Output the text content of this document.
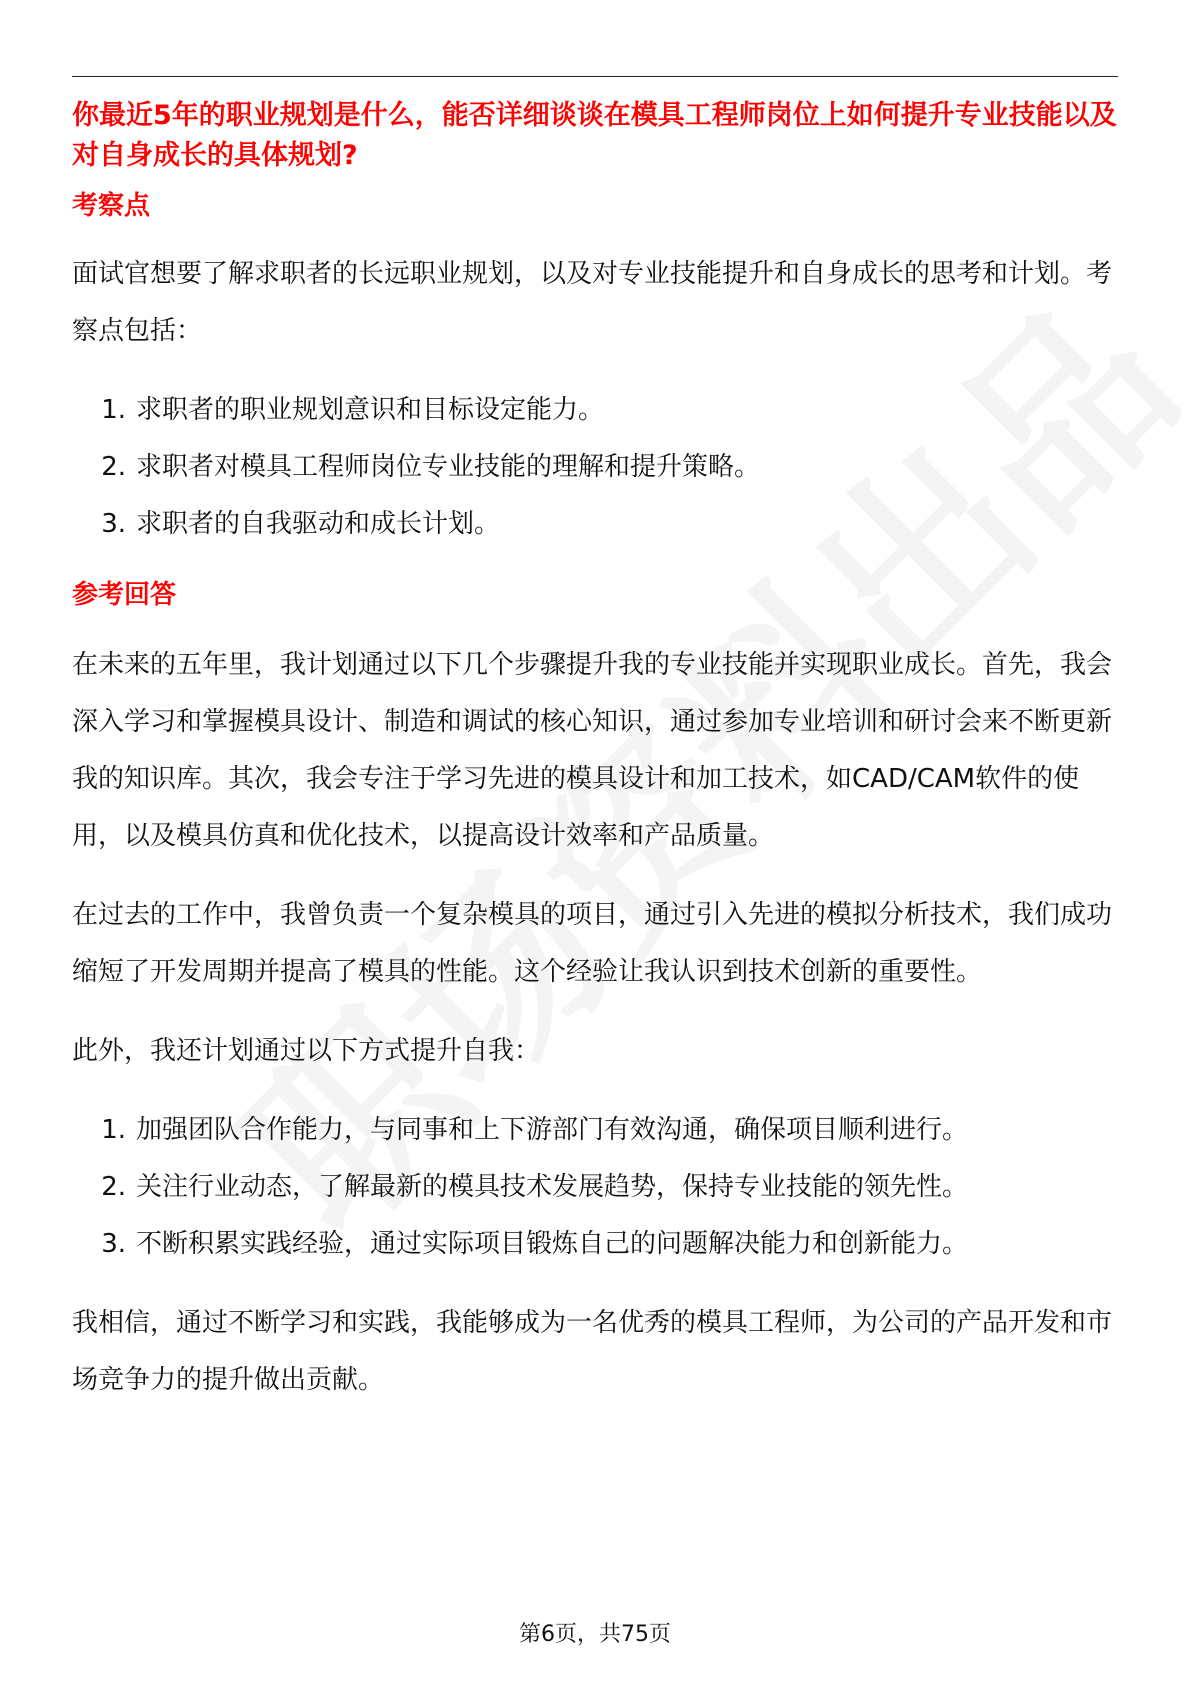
你最近5年的职业规划是什么，能否详细谈谈在模具工程师岗位上如何提升专业技能以及对自身成长的具体规划?

考察点

面试官想要了解求职者的长远职业规划，以及对专业技能提升和自身成长的思考和计划。考察点包括：

1. 求职者的职业规划意识和目标设定能力。
2. 求职者对模具工程师岗位专业技能的理解和提升策略。
3. 求职者的自我驱动和成长计划。

参考回答

在未来的五年里，我计划通过以下几个步骤提升我的专业技能并实现职业成长。首先，我会深入学习和掌握模具设计、制造和调试的核心知识，通过参加专业培训和研讨会来不断更新我的知识库。其次，我会专注于学习先进的模具设计和加工技术，如CAD/CAM软件的使用，以及模具仿真和优化技术，以提高设计效率和产品质量。

在过去的工作中，我曾负责一个复杂模具的项目，通过引入先进的模拟分析技术，我们成功缩短了开发周期并提高了模具的性能。这个经验让我认识到技术创新的重要性。

此外，我还计划通过以下方式提升自我：

1. 加强团队合作能力，与同事和上下游部门有效沟通，确保项目顺利进行。
2. 关注行业动态，了解最新的模具技术发展趋势，保持专业技能的领先性。
3. 不断积累实践经验，通过实际项目锻炼自己的问题解决能力和创新能力。

我相信，通过不断学习和实践，我能够成为一名优秀的模具工程师，为公司的产品开发和市场竞争力的提升做出贡献。

第6页，共75页
